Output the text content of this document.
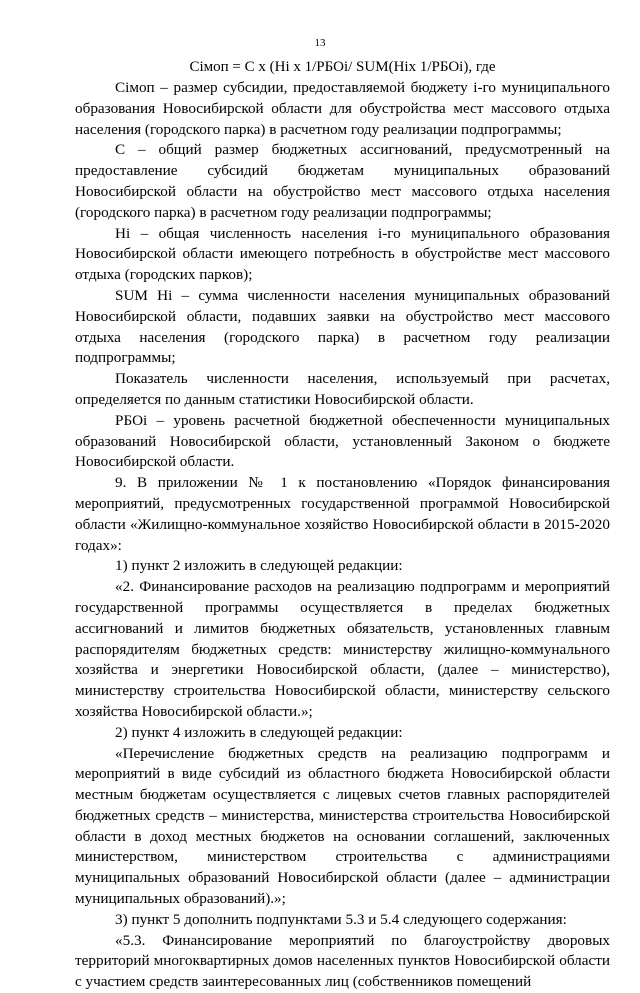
13
Сiмоп = С х (Нi х 1/РБОi/ SUM(Нiх 1/РБОi), где

Сiмоп – размер субсидии, предоставляемой бюджету i-го муниципального образования Новосибирской области для обустройства мест массового отдыха населения (городского парка) в расчетном году реализации подпрограммы;

С – общий размер бюджетных ассигнований, предусмотренный на предоставление субсидий бюджетам муниципальных образований Новосибирской области на обустройство мест массового отдыха населения (городского парка) в расчетном году реализации подпрограммы;

Нi – общая численность населения i-го муниципального образования Новосибирской области имеющего потребность в обустройстве мест массового отдыха (городских парков);

SUM Нi – сумма численности населения муниципальных образований Новосибирской области, подавших заявки на обустройство мест массового отдыха населения (городского парка) в расчетном году реализации подпрограммы;

Показатель численности населения, используемый при расчетах, определяется по данным статистики Новосибирской области.

РБОi – уровень расчетной бюджетной обеспеченности муниципальных образований Новосибирской области, установленный Законом о бюджете Новосибирской области.

9. В приложении № 1 к постановлению «Порядок финансирования мероприятий, предусмотренных государственной программой Новосибирской области «Жилищно-коммунальное хозяйство Новосибирской области в 2015-2020 годах»:

1) пункт 2 изложить в следующей редакции:

«2. Финансирование расходов на реализацию подпрограмм и мероприятий государственной программы осуществляется в пределах бюджетных ассигнований и лимитов бюджетных обязательств, установленных главным распорядителям бюджетных средств: министерству жилищно-коммунального хозяйства и энергетики Новосибирской области, (далее – министерство), министерству строительства Новосибирской области, министерству сельского хозяйства Новосибирской области.»;

2) пункт 4 изложить в следующей редакции:

«Перечисление бюджетных средств на реализацию подпрограмм и мероприятий в виде субсидий из областного бюджета Новосибирской области местным бюджетам осуществляется с лицевых счетов главных распорядителей бюджетных средств – министерства, министерства строительства Новосибирской области в доход местных бюджетов на основании соглашений, заключенных министерством, министерством строительства с администрациями муниципальных образований Новосибирской области (далее – администрации муниципальных образований).»;

3) пункт 5 дополнить подпунктами 5.3 и 5.4 следующего содержания:

«5.3. Финансирование мероприятий по благоустройству дворовых территорий многоквартирных домов населенных пунктов Новосибирской области с участием средств заинтересованных лиц (собственников помещений
